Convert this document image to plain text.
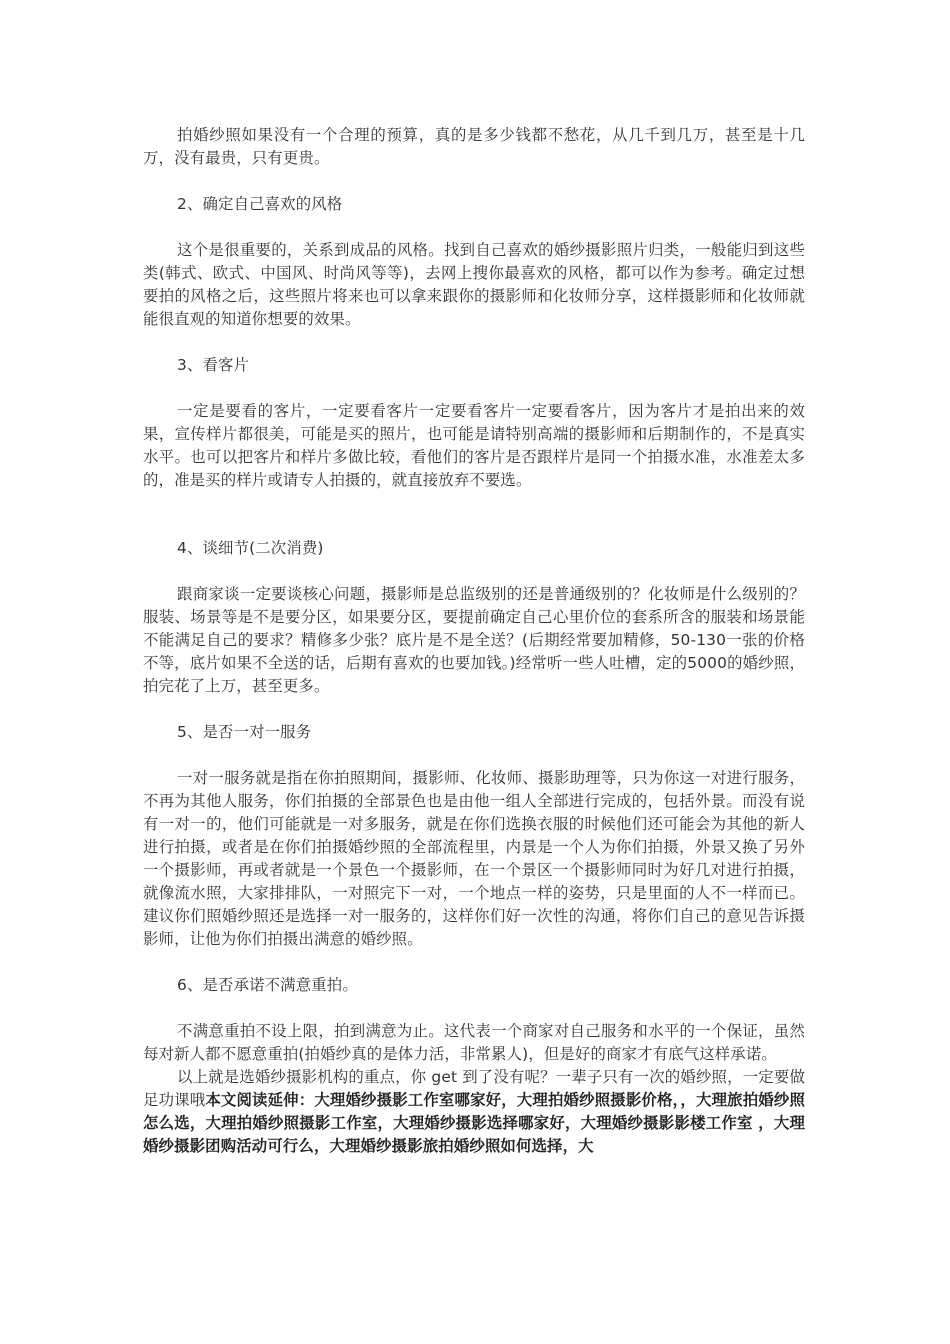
拍婚纱照如果没有一个合理的预算，真的是多少钱都不愁花，从几千到几万，甚至是十几万，没有最贵，只有更贵。

2、确定自己喜欢的风格

这个是很重要的，关系到成品的风格。找到自己喜欢的婚纱摄影照片归类，一般能归到这些类(韩式、欧式、中国风、时尚风等等)，去网上搜你最喜欢的风格，都可以作为参考。确定过想要拍的风格之后，这些照片将来也可以拿来跟你的摄影师和化妆师分享，这样摄影师和化妆师就能很直观的知道你想要的效果。

3、看客片

一定是要看的客片，一定要看客片一定要看客片一定要看客片，因为客片才是拍出来的效果，宣传样片都很美，可能是买的照片，也可能是请特别高端的摄影师和后期制作的，不是真实水平。也可以把客片和样片多做比较，看他们的客片是否跟样片是同一个拍摄水准，水准差太多的，准是买的样片或请专人拍摄的，就直接放弃不要选。

4、谈细节(二次消费)

跟商家谈一定要谈核心问题，摄影师是总监级别的还是普通级别的？化妆师是什么级别的？服装、场景等是不是要分区，如果要分区，要提前确定自己心里价位的套系所含的服装和场景能不能满足自己的要求？精修多少张？底片是不是全送？(后期经常要加精修，50-130一张的价格不等，底片如果不全送的话，后期有喜欢的也要加钱。)经常听一些人吐槽，定的5000的婚纱照，拍完花了上万，甚至更多。

5、是否一对一服务

一对一服务就是指在你拍照期间，摄影师、化妆师、摄影助理等，只为你这一对进行服务，不再为其他人服务，你们拍摄的全部景色也是由他一组人全部进行完成的，包括外景。而没有说有一对一的，他们可能就是一对多服务，就是在你们选换衣服的时候他们还可能会为其他的新人进行拍摄，或者是在你们拍摄婚纱照的全部流程里，内景是一个人为你们拍摄，外景又换了另外一个摄影师，再或者就是一个景色一个摄影师，在一个景区一个摄影师同时为好几对进行拍摄，就像流水照，大家排排队，一对照完下一对，一个地点一样的姿势，只是里面的人不一样而已。建议你们照婚纱照还是选择一对一服务的，这样你们好一次性的沟通，将你们自己的意见告诉摄影师，让他为你们拍摄出满意的婚纱照。

6、是否承诺不满意重拍。

不满意重拍不设上限，拍到满意为止。这代表一个商家对自己服务和水平的一个保证，虽然每对新人都不愿意重拍(拍婚纱真的是体力活，非常累人)，但是好的商家才有底气这样承诺。

以上就是选婚纱摄影机构的重点，你 get 到了没有呢？一辈子只有一次的婚纱照，一定要做足功课哦本文阅读延伸：大理婚纱摄影工作室哪家好，大理拍婚纱照摄影价格，，大理旅拍婚纱照怎么选，大理拍婚纱照摄影工作室，大理婚纱摄影选择哪家好，大理婚纱摄影影楼工作室 ，大理婚纱摄影团购活动可行么，大理婚纱摄影旅拍婚纱照如何选择，大
